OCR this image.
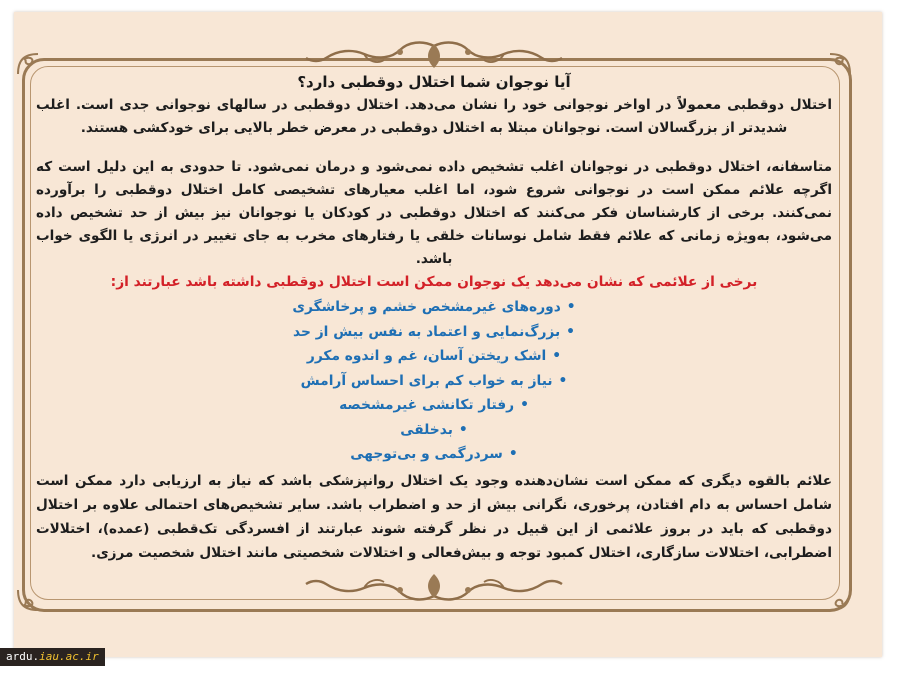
آیا نوجوان شما اختلال دوقطبی دارد؟

اختلال دوقطبی معمولاً در اواخر نوجوانی خود را نشان می‌دهد. اختلال دوقطبی در سالهای نوجوانی جدی است. اغلب شدیدتر از بزرگسالان است. نوجوانان مبتلا به اختلال دوقطبی در معرض خطر بالایی برای خودکشی هستند.

متاسفانه، اختلال دوقطبی در نوجوانان اغلب تشخیص داده نمی‌شود و درمان نمی‌شود. تا حدودی به این دلیل است که اگرچه علائم ممکن است در نوجوانی شروع شود، اما اغلب معیارهای تشخیصی کامل اختلال دوقطبی را برآورده نمی‌کنند. برخی از کارشناسان فکر می‌کنند که اختلال دوقطبی در کودکان یا نوجوانان نیز بیش از حد تشخیص داده می‌شود، به‌ویژه زمانی که علائم فقط شامل نوسانات خلقی یا رفتارهای مخرب به جای تغییر در انرژی یا الگوی خواب باشد.

برخی از علائمی که نشان می‌دهد یک نوجوان ممکن است اختلال دوقطبی داشته باشد عبارتند از:

•دوره‌های غیرمشخص خشم و پرخاشگری
•بزرگ‌نمایی و اعتماد به نفس بیش از حد
•اشک ریختن آسان، غم و اندوه مکرر
•نیاز به خواب کم برای احساس آرامش
•رفتار تکانشی غیرمشخصه
•بدخلقی
•سردرگمی و بی‌توجهی

علائم بالقوه دیگری که ممکن است نشان‌دهنده وجود یک اختلال روانپزشکی باشد که نیاز به ارزیابی دارد ممکن است شامل احساس به دام افتادن، پرخوری، نگرانی بیش از حد و اضطراب باشد. سایر تشخیص‌های احتمالی علاوه بر اختلال دوقطبی که باید در بروز علائمی از این قبیل در نظر گرفته شوند عبارتند از افسردگی تک‌قطبی (عمده)، اختلالات اضطرابی، اختلالات سازگاری، اختلال کمبود توجه و بیش‌فعالی و اختلالات شخصیتی مانند اختلال شخصیت مرزی.

ardu.iau.ac.ir
